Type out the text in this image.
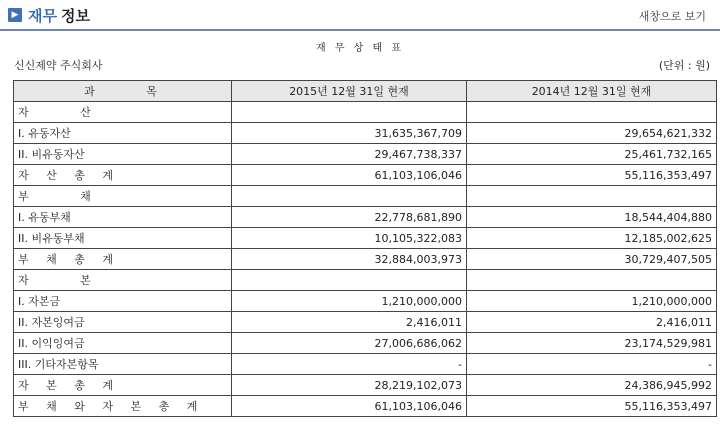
▶ 재무 정보	새창으로 보기
재 무 상 태 표
신신제약 주식회사	(단위 : 원)
과 목	2015년 12월 31일 현재	2014년 12월 31일 현재
자 산		
I. 유동자산	31,635,367,709	29,654,621,332
II. 비유동자산	29,467,738,337	25,461,732,165
자 산 총 계	61,103,106,046	55,116,353,497
부 채		
I. 유동부채	22,778,681,890	18,544,404,880
II. 비유동부채	10,105,322,083	12,185,002,625
부 채 총 계	32,884,003,973	30,729,407,505
자 본		
I. 자본금	1,210,000,000	1,210,000,000
II. 자본잉여금	2,416,011	2,416,011
II. 이익잉여금	27,006,686,062	23,174,529,981
III. 기타자본항목	-	-
자 본 총 계	28,219,102,073	24,386,945,992
부 채 와 자 본 총 계	61,103,106,046	55,116,353,497
